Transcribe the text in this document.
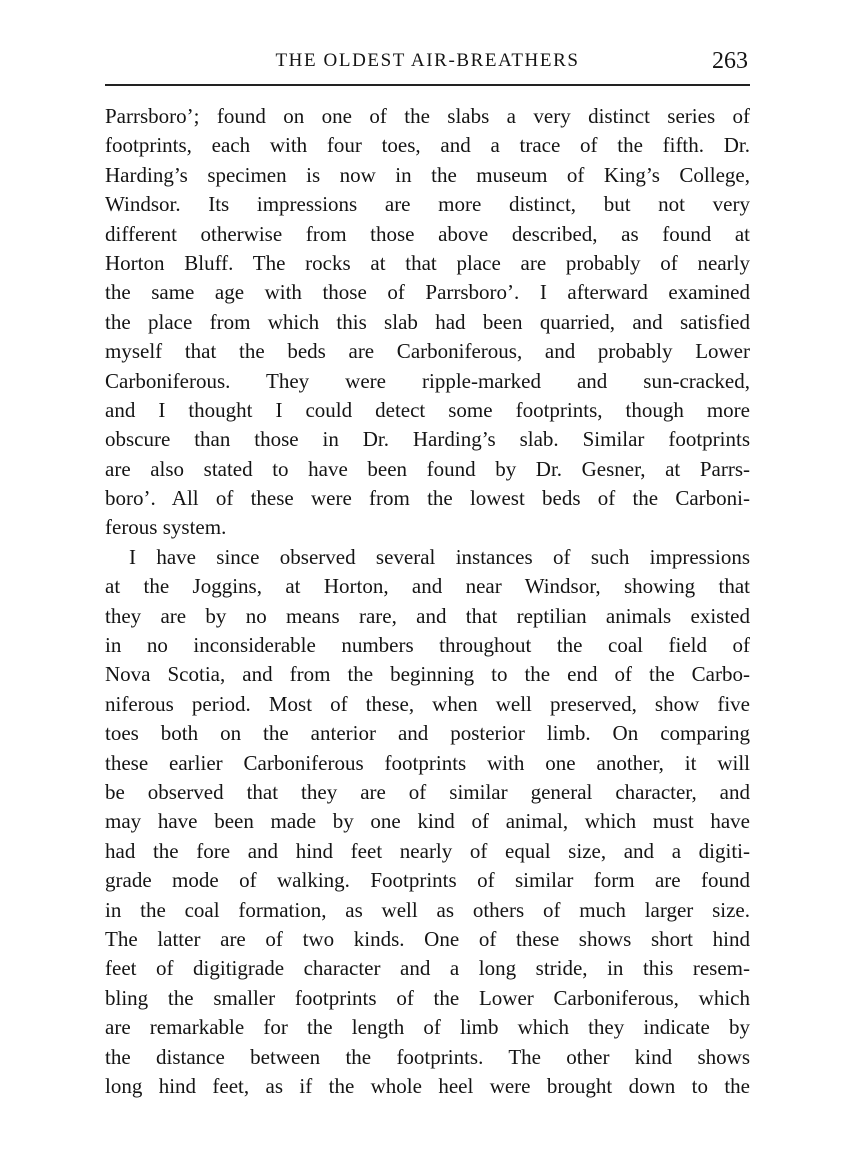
THE OLDEST AIR-BREATHERS	263
Parrsboro’; found on one of the slabs a very distinct series of
footprints, each with four toes, and a trace of the fifth. Dr.
Harding’s specimen is now in the museum of King’s College,
Windsor. Its impressions are more distinct, but not very
different otherwise from those above described, as found at
Horton Bluff. The rocks at that place are probably of nearly
the same age with those of Parrsboro’. I afterward examined
the place from which this slab had been quarried, and satisfied
myself that the beds are Carboniferous, and probably Lower
Carboniferous. They were ripple-marked and sun-cracked,
and I thought I could detect some footprints, though more
obscure than those in Dr. Harding’s slab. Similar footprints
are also stated to have been found by Dr. Gesner, at Parrs-
boro’. All of these were from the lowest beds of the Carboni-
ferous system.
I have since observed several instances of such impressions
at the Joggins, at Horton, and near Windsor, showing that
they are by no means rare, and that reptilian animals existed
in no inconsiderable numbers throughout the coal field of
Nova Scotia, and from the beginning to the end of the Carbo-
niferous period. Most of these, when well preserved, show five
toes both on the anterior and posterior limb. On comparing
these earlier Carboniferous footprints with one another, it will
be observed that they are of similar general character, and
may have been made by one kind of animal, which must have
had the fore and hind feet nearly of equal size, and a digiti-
grade mode of walking. Footprints of similar form are found
in the coal formation, as well as others of much larger size.
The latter are of two kinds. One of these shows short hind
feet of digitigrade character and a long stride, in this resem-
bling the smaller footprints of the Lower Carboniferous, which
are remarkable for the length of limb which they indicate by
the distance between the footprints. The other kind shows
long hind feet, as if the whole heel were brought down to the
